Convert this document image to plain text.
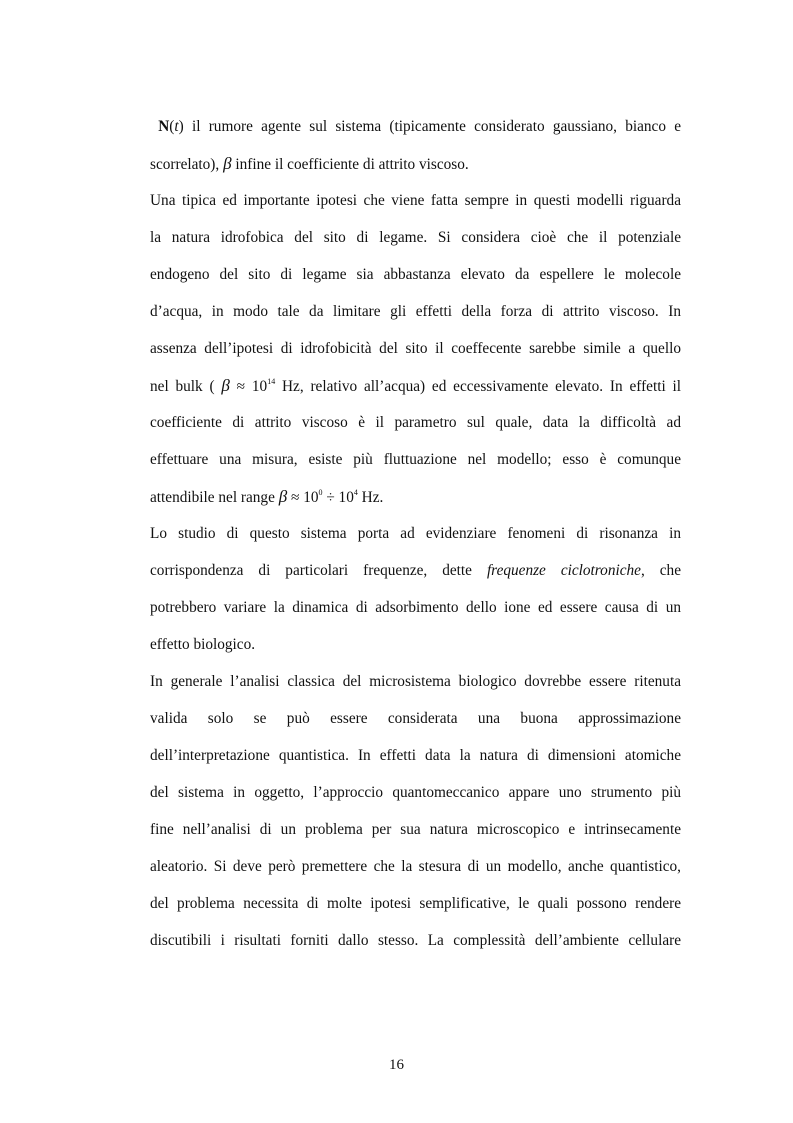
N(t) il rumore agente sul sistema (tipicamente considerato gaussiano, bianco e
scorrelato), β infine il coefficiente di attrito viscoso.
Una tipica ed importante ipotesi che viene fatta sempre in questi modelli riguarda
la natura idrofobica del sito di legame. Si considera cioè che il potenziale
endogeno del sito di legame sia abbastanza elevato da espellere le molecole
d’acqua, in modo tale da limitare gli effetti della forza di attrito viscoso. In
assenza dell’ipotesi di idrofobicità del sito il coeffecente sarebbe simile a quello
nel bulk ( $\beta \approx 10^{14}$ Hz, relativo all’acqua) ed eccessivamente elevato. In effetti il
coefficiente di attrito viscoso è il parametro sul quale, data la difficoltà ad
effettuare una misura, esiste più fluttuazione nel modello; esso è comunque
attendibile nel range $\beta \approx 10^0 \div 10^4$ Hz.
Lo studio di questo sistema porta ad evidenziare fenomeni di risonanza in
corrispondenza di particolari frequenze, dette frequenze ciclotroniche, che
potrebbero variare la dinamica di adsorbimento dello ione ed essere causa di un
effetto biologico.
In generale l’analisi classica del microsistema biologico dovrebbe essere ritenuta
valida solo se può essere considerata una buona approssimazione
dell’interpretazione quantistica. In effetti data la natura di dimensioni atomiche
del sistema in oggetto, l’approccio quantomeccanico appare uno strumento più
fine nell’analisi di un problema per sua natura microscopico e intrinsecamente
aleatorio. Si deve però premettere che la stesura di un modello, anche quantistico,
del problema necessita di molte ipotesi semplificative, le quali possono rendere
discutibili i risultati forniti dallo stesso. La complessità dell’ambiente cellulare
16
